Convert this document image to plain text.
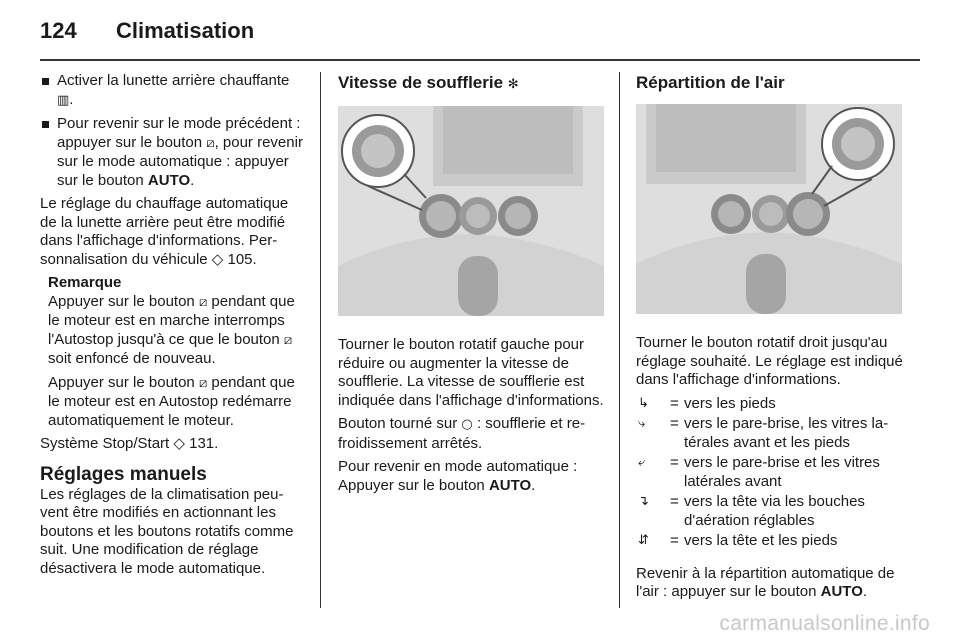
124 Climatisation
Activer la lunette arrière chauffante ▥.
Pour revenir sur le mode précédent : appuyer sur le bouton ⧄, pour revenir sur le mode automatique : appuyer sur le bouton AUTO.

Le réglage du chauffage automatique de la lunette arrière peut être modifié dans l'affichage d'informations. Personnalisation du véhicule ◇ 105.

Remarque

Appuyer sur le bouton ⧄ pendant que le moteur est en marche interromps l'Autostop jusqu'à ce que le bouton ⧄ soit enfoncé de nouveau.

Appuyer sur le bouton ⧄ pendant que le moteur est en Autostop redémarre automatiquement le moteur.

Système Stop/Start ◇ 131.

Réglages manuels

Les réglages de la climatisation peuvent être modifiés en actionnant les boutons et les boutons rotatifs comme suit. Une modification de réglage désactivera le mode automatique.

Vitesse de soufflerie ✻

Tourner le bouton rotatif gauche pour réduire ou augmenter la vitesse de soufflerie. La vitesse de soufflerie est indiquée dans l'affichage d'informations.

Bouton tourné sur ○ : soufflerie et refroidissement arrêtés.

Pour revenir en mode automatique : Appuyer sur le bouton AUTO.

Répartition de l'air

Tourner le bouton rotatif droit jusqu'au réglage souhaité. Le réglage est indiqué dans l'affichage d'informations.

↳	= vers les pieds
⤷	= vers le pare-brise, les vitres latérales avant et les pieds
⤶	= vers le pare-brise et les vitres latérales avant
↴	= vers la tête via les bouches d'aération réglables
⇵	= vers la tête et les pieds

Revenir à la répartition automatique de l'air : appuyer sur le bouton AUTO.

carmanualsonline.info
